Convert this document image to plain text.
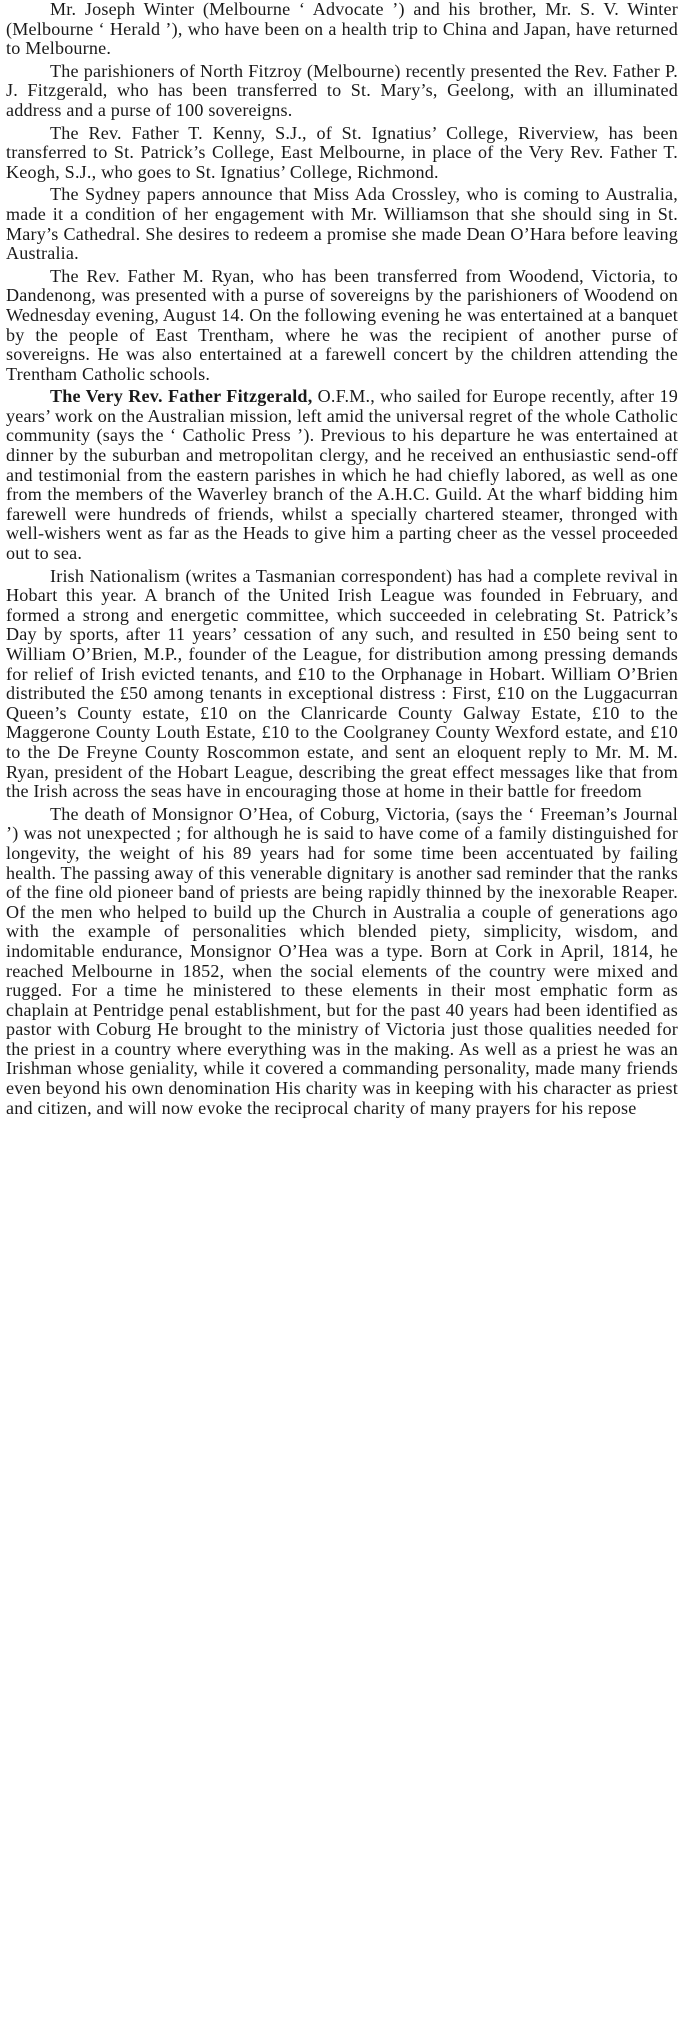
Mr. Joseph Winter (Melbourne ‘ Advocate ’) and his brother, Mr. S. V. Winter (Melbourne ‘ Herald ’), who have been on a health trip to China and Japan, have returned to Melbourne.

The parishioners of North Fitzroy (Melbourne) recently presented the Rev. Father P. J. Fitzgerald, who has been transferred to St. Mary’s, Geelong, with an illuminated address and a purse of 100 sovereigns.

The Rev. Father T. Kenny, S.J., of St. Ignatius’ College, Riverview, has been transferred to St. Patrick’s College, East Melbourne, in place of the Very Rev. Father T. Keogh, S.J., who goes to St. Ignatius’ College, Richmond.

The Sydney papers announce that Miss Ada Crossley, who is coming to Australia, made it a condition of her engagement with Mr. Williamson that she should sing in St. Mary’s Cathedral. She desires to redeem a promise she made Dean O’Hara before leaving Australia.

The Rev. Father M. Ryan, who has been transferred from Woodend, Victoria, to Dandenong, was presented with a purse of sovereigns by the parishioners of Woodend on Wednesday evening, August 14. On the following evening he was entertained at a banquet by the people of East Trentham, where he was the recipient of another purse of sovereigns. He was also entertained at a farewell concert by the children attending the Trentham Catholic schools.

The Very Rev. Father Fitzgerald, O.F.M., who sailed for Europe recently, after 19 years’ work on the Australian mission, left amid the universal regret of the whole Catholic community (says the ‘ Catholic Press ’). Previous to his departure he was entertained at dinner by the suburban and metropolitan clergy, and he received an enthusiastic send-off and testimonial from the eastern parishes in which he had chiefly labored, as well as one from the members of the Waverley branch of the A.H.C. Guild. At the wharf bidding him farewell were hundreds of friends, whilst a specially chartered steamer, thronged with well-wishers went as far as the Heads to give him a parting cheer as the vessel proceeded out to sea.

Irish Nationalism (writes a Tasmanian correspondent) has had a complete revival in Hobart this year. A branch of the United Irish League was founded in February, and formed a strong and energetic committee, which succeeded in celebrating St. Patrick’s Day by sports, after 11 years’ cessation of any such, and resulted in £50 being sent to William O’Brien, M.P., founder of the League, for distribution among pressing demands for relief of Irish evicted tenants, and £10 to the Orphanage in Hobart. William O’Brien distributed the £50 among tenants in exceptional distress : First, £10 on the Luggacurran Queen’s County estate, £10 on the Clanricarde County Galway Estate, £10 to the Maggerone County Louth Estate, £10 to the Coolgraney County Wexford estate, and £10 to the De Freyne County Roscommon estate, and sent an eloquent reply to Mr. M. M. Ryan, president of the Hobart League, describing the great effect messages like that from the Irish across the seas have in encouraging those at home in their battle for freedom

The death of Monsignor O’Hea, of Coburg, Victoria, (says the ‘ Freeman’s Journal ’) was not unexpected ; for although he is said to have come of a family distinguished for longevity, the weight of his 89 years had for some time been accentuated by failing health. The passing away of this venerable dignitary is another sad reminder that the ranks of the fine old pioneer band of priests are being rapidly thinned by the inexorable Reaper. Of the men who helped to build up the Church in Australia a couple of generations ago with the example of personalities which blended piety, simplicity, wisdom, and indomitable endurance, Monsignor O’Hea was a type. Born at Cork in April, 1814, he reached Melbourne in 1852, when the social elements of the country were mixed and rugged. For a time he ministered to these elements in their most emphatic form as chaplain at Pentridge penal establishment, but for the past 40 years had been identified as pastor with Coburg He brought to the ministry of Victoria just those qualities needed for the priest in a country where everything was in the making. As well as a priest he was an Irishman whose geniality, while it covered a commanding personality, made many friends even beyond his own denomination His charity was in keeping with his character as priest and citizen, and will now evoke the reciprocal charity of many prayers for his repose
